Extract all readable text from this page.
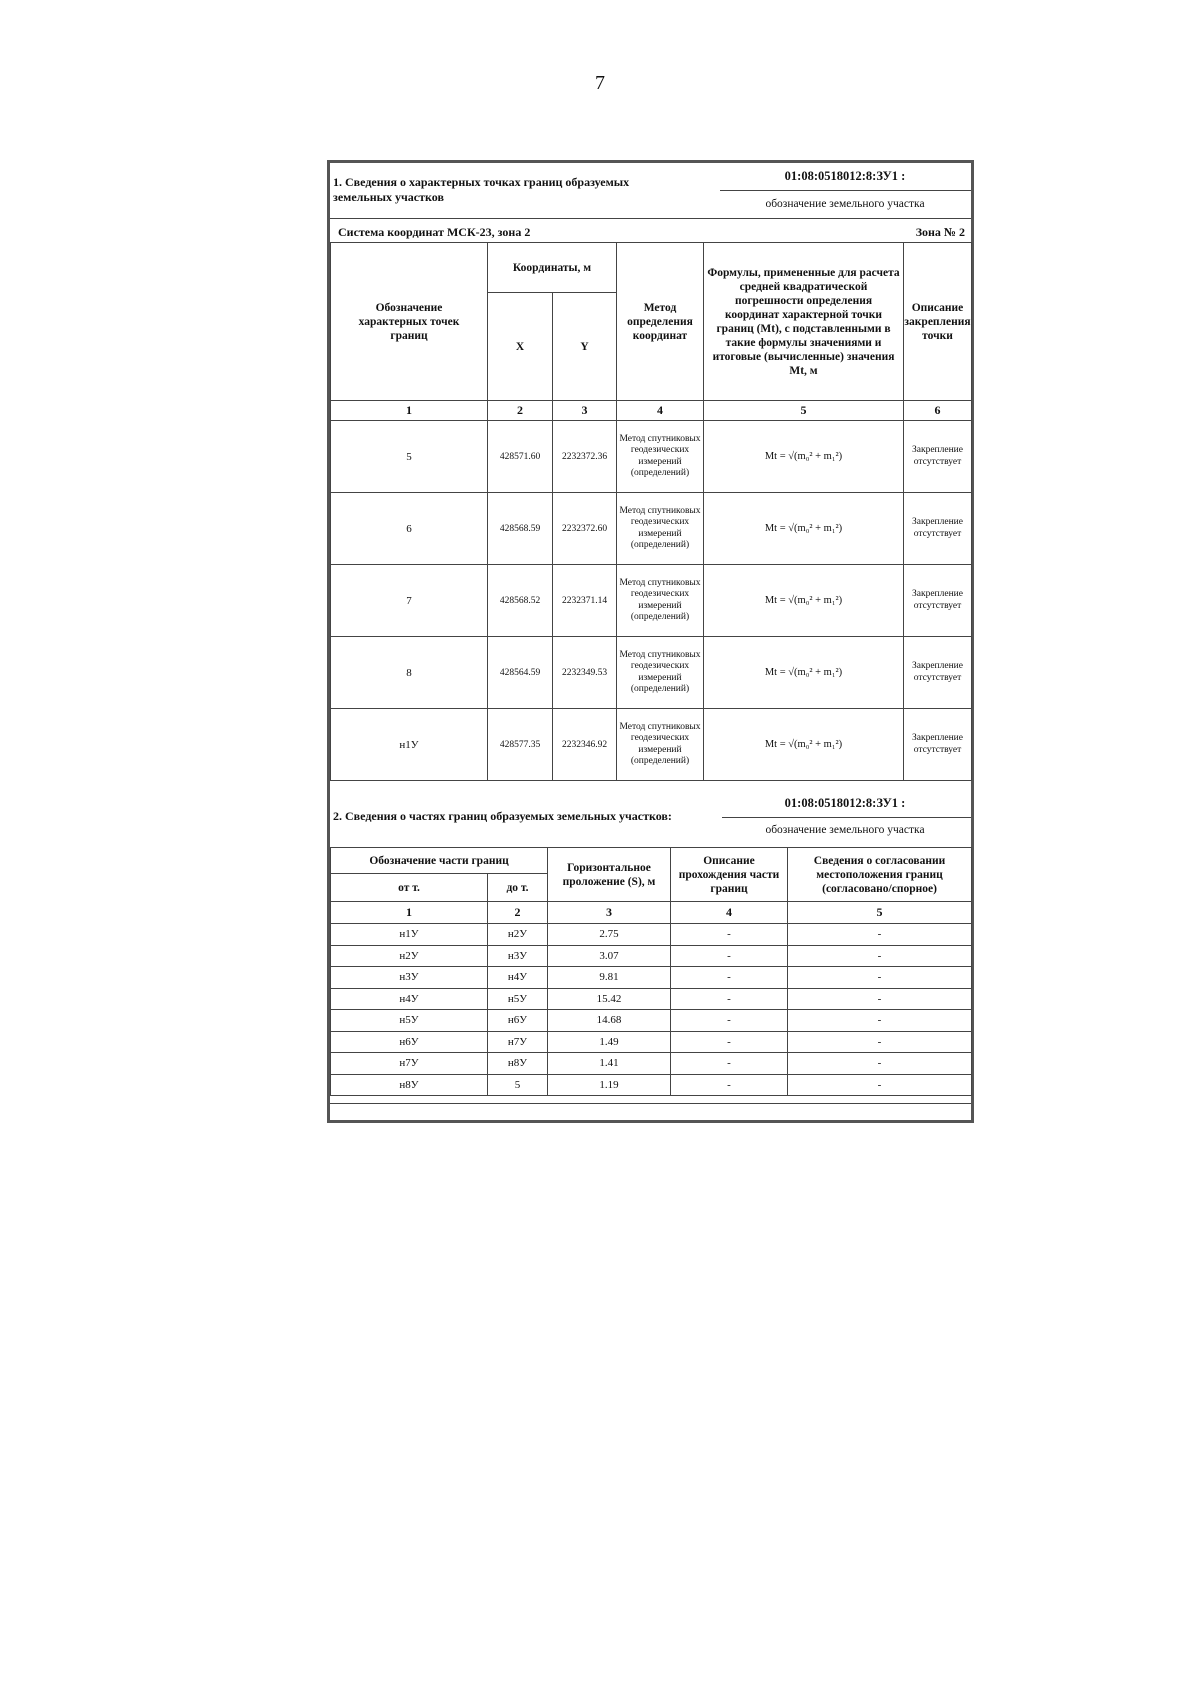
7
1. Сведения о характерных точках границ образуемых земельных участков
01:08:0518012:8:ЗУ1 :
обозначение земельного участка
Система координат МСК-23, зона 2	Зона № 2
Обозначение характерных точек границ	Координаты, м		Метод определения координат	Формулы, примененные для расчета средней квадратической погрешности определения координат характерной точки границ (Mt), с подставленными в такие формулы значениями и итоговые (вычисленные) значения Mt, м	Описание закрепления точки
	X	Y			
1	2	3	4	5	6
5	428571.60	2232372.36	Метод спутниковых геодезических измерений (определений)	Mt = √(m₀² + m₁²)	Закрепление отсутствует
6	428568.59	2232372.60	Метод спутниковых геодезических измерений (определений)	Mt = √(m₀² + m₁²)	Закрепление отсутствует
7	428568.52	2232371.14	Метод спутниковых геодезических измерений (определений)	Mt = √(m₀² + m₁²)	Закрепление отсутствует
8	428564.59	2232349.53	Метод спутниковых геодезических измерений (определений)	Mt = √(m₀² + m₁²)	Закрепление отсутствует
н1У	428577.35	2232346.92	Метод спутниковых геодезических измерений (определений)	Mt = √(m₀² + m₁²)	Закрепление отсутствует
01:08:0518012:8:ЗУ1 :
2. Сведения о частях границ образуемых земельных участков:
обозначение земельного участка
Обозначение части границ		Горизонтальное проложение (S), м	Описание прохождения части границ	Сведения о согласовании местоположения границ (согласовано/спорное)
от т.	до т.			
1	2	3	4	5
н1У	н2У	2.75	-	-
н2У	н3У	3.07	-	-
н3У	н4У	9.81	-	-
н4У	н5У	15.42	-	-
н5У	н6У	14.68	-	-
н6У	н7У	1.49	-	-
н7У	н8У	1.41	-	-
н8У	5	1.19	-	-
